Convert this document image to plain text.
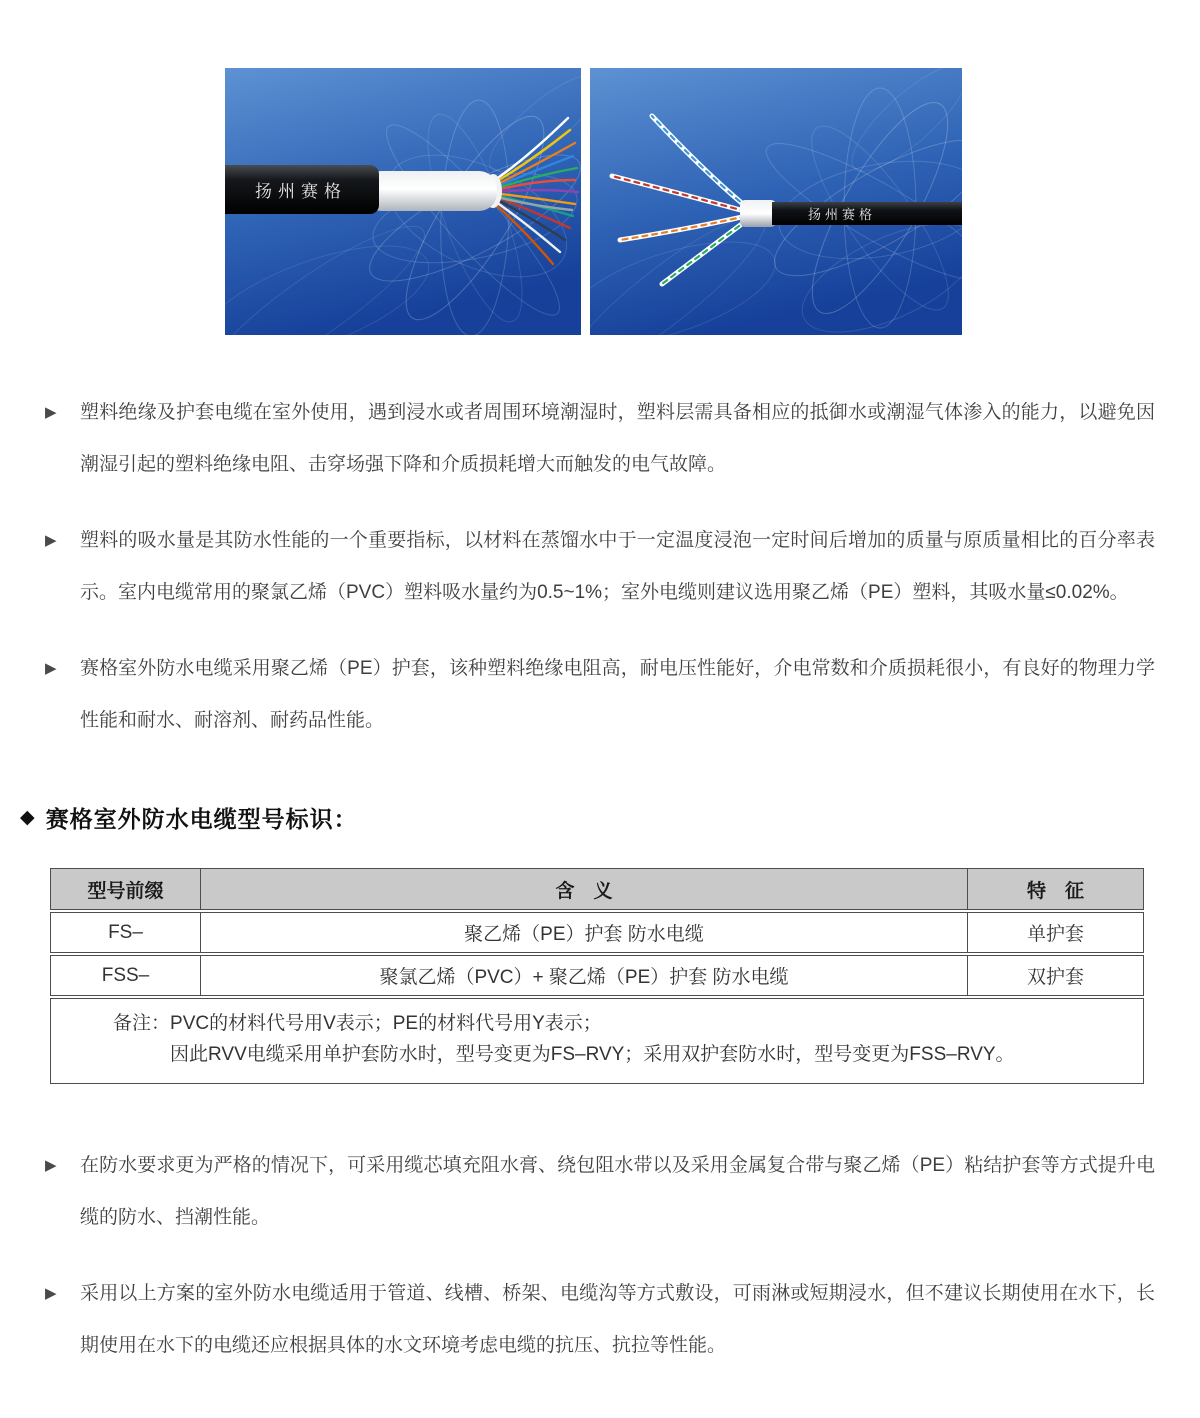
扬州赛格
扬州赛格
▶ 塑料绝缘及护套电缆在室外使用，遇到浸水或者周围环境潮湿时，塑料层需具备相应的抵御水或潮湿气体渗入的能力，以避免因潮湿引起的塑料绝缘电阻、击穿场强下降和介质损耗增大而触发的电气故障。

▶ 塑料的吸水量是其防水性能的一个重要指标，以材料在蒸馏水中于一定温度浸泡一定时间后增加的质量与原质量相比的百分率表示。室内电缆常用的聚氯乙烯（PVC）塑料吸水量约为0.5~1%；室外电缆则建议选用聚乙烯（PE）塑料，其吸水量≤0.02%。

▶ 赛格室外防水电缆采用聚乙烯（PE）护套，该种塑料绝缘电阻高，耐电压性能好，介电常数和介质损耗很小，有良好的物理力学性能和耐水、耐溶剂、耐药品性能。

◆ 赛格室外防水电缆型号标识：
型号前缀	含　义	特　征
FS–	聚乙烯（PE）护套 防水电缆	单护套
FSS–	聚氯乙烯（PVC）+ 聚乙烯（PE）护套 防水电缆	双护套
备注： PVC的材料代号用V表示；PE的材料代号用Y表示；
因此RVV电缆采用单护套防水时，型号变更为FS–RVY；采用双护套防水时，型号变更为FSS–RVY。
▶ 在防水要求更为严格的情况下，可采用缆芯填充阻水膏、绕包阻水带以及采用金属复合带与聚乙烯（PE）粘结护套等方式提升电缆的防水、挡潮性能。

▶ 采用以上方案的室外防水电缆适用于管道、线槽、桥架、电缆沟等方式敷设，可雨淋或短期浸水，但不建议长期使用在水下，长期使用在水下的电缆还应根据具体的水文环境考虑电缆的抗压、抗拉等性能。
